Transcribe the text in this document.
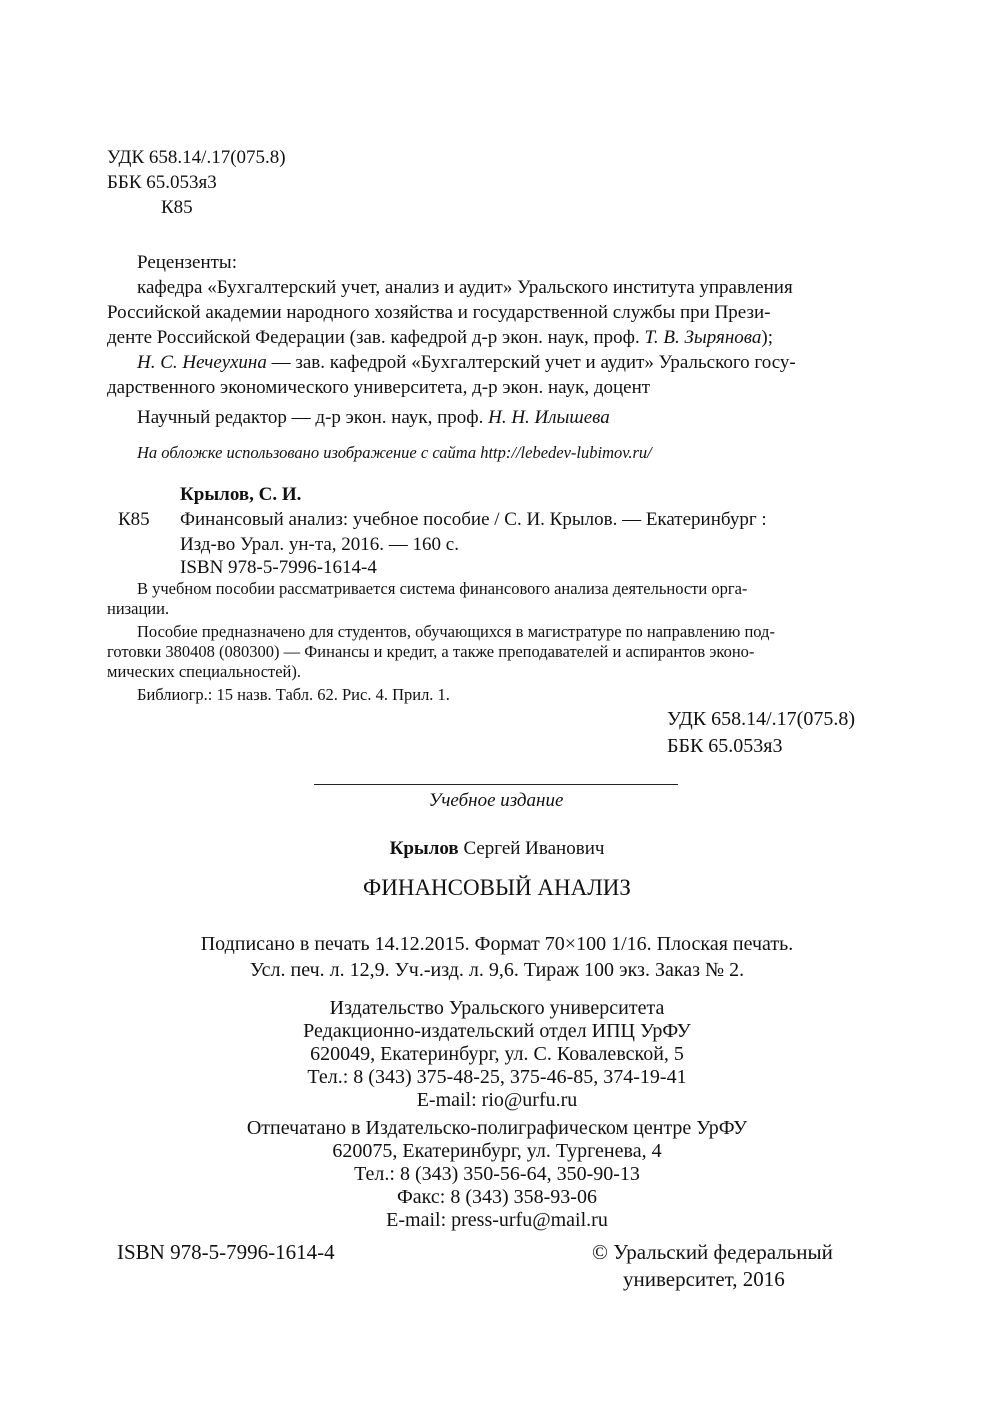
УДК 658.14/.17(075.8)
ББК 65.053я3
К85
Рецензенты:
кафедра «Бухгалтерский учет, анализ и аудит» Уральского института управления
Российской академии народного хозяйства и государственной службы при Прези-
денте Российской Федерации (зав. кафедрой д-р экон. наук, проф. Т. В. Зырянова);
Н. С. Нечеухина — зав. кафедрой «Бухгалтерский учет и аудит» Уральского госу-
дарственного экономического университета, д-р экон. наук, доцент
Научный редактор — д-р экон. наук, проф. Н. Н. Илышева
На обложке использовано изображение с сайта http://lebedev-lubimov.ru/
Крылов, С. И.
К85 Финансовый анализ: учебное пособие / С. И. Крылов. — Екатеринбург :
Изд-во Урал. ун-та, 2016. — 160 с.
ISBN 978-5-7996-1614-4
В учебном пособии рассматривается система финансового анализа деятельности орга-
низации.
Пособие предназначено для студентов, обучающихся в магистратуре по направлению под-
готовки 380408 (080300) — Финансы и кредит, а также преподавателей и аспирантов эконо-
мических специальностей).
Библиогр.: 15 назв. Табл. 62. Рис. 4. Прил. 1.
УДК 658.14/.17(075.8)
ББК 65.053я3
Учебное издание
Крылов Сергей Иванович
ФИНАНСОВЫЙ АНАЛИЗ
Подписано в печать 14.12.2015. Формат 70×100 1/16. Плоская печать.
Усл. печ. л. 12,9. Уч.-изд. л. 9,6. Тираж 100 экз. Заказ № 2.
Издательство Уральского университета
Редакционно-издательский отдел ИПЦ УрФУ
620049, Екатеринбург, ул. С. Ковалевской, 5
Тел.: 8 (343) 375-48-25, 375-46-85, 374-19-41
E-mail: rio@urfu.ru
Отпечатано в Издательско-полиграфическом центре УрФУ
620075, Екатеринбург, ул. Тургенева, 4
Тел.: 8 (343) 350-56-64, 350-90-13
Факс: 8 (343) 358-93-06
E-mail: press-urfu@mail.ru
ISBN 978-5-7996-1614-4	© Уральский федеральный
университет, 2016
